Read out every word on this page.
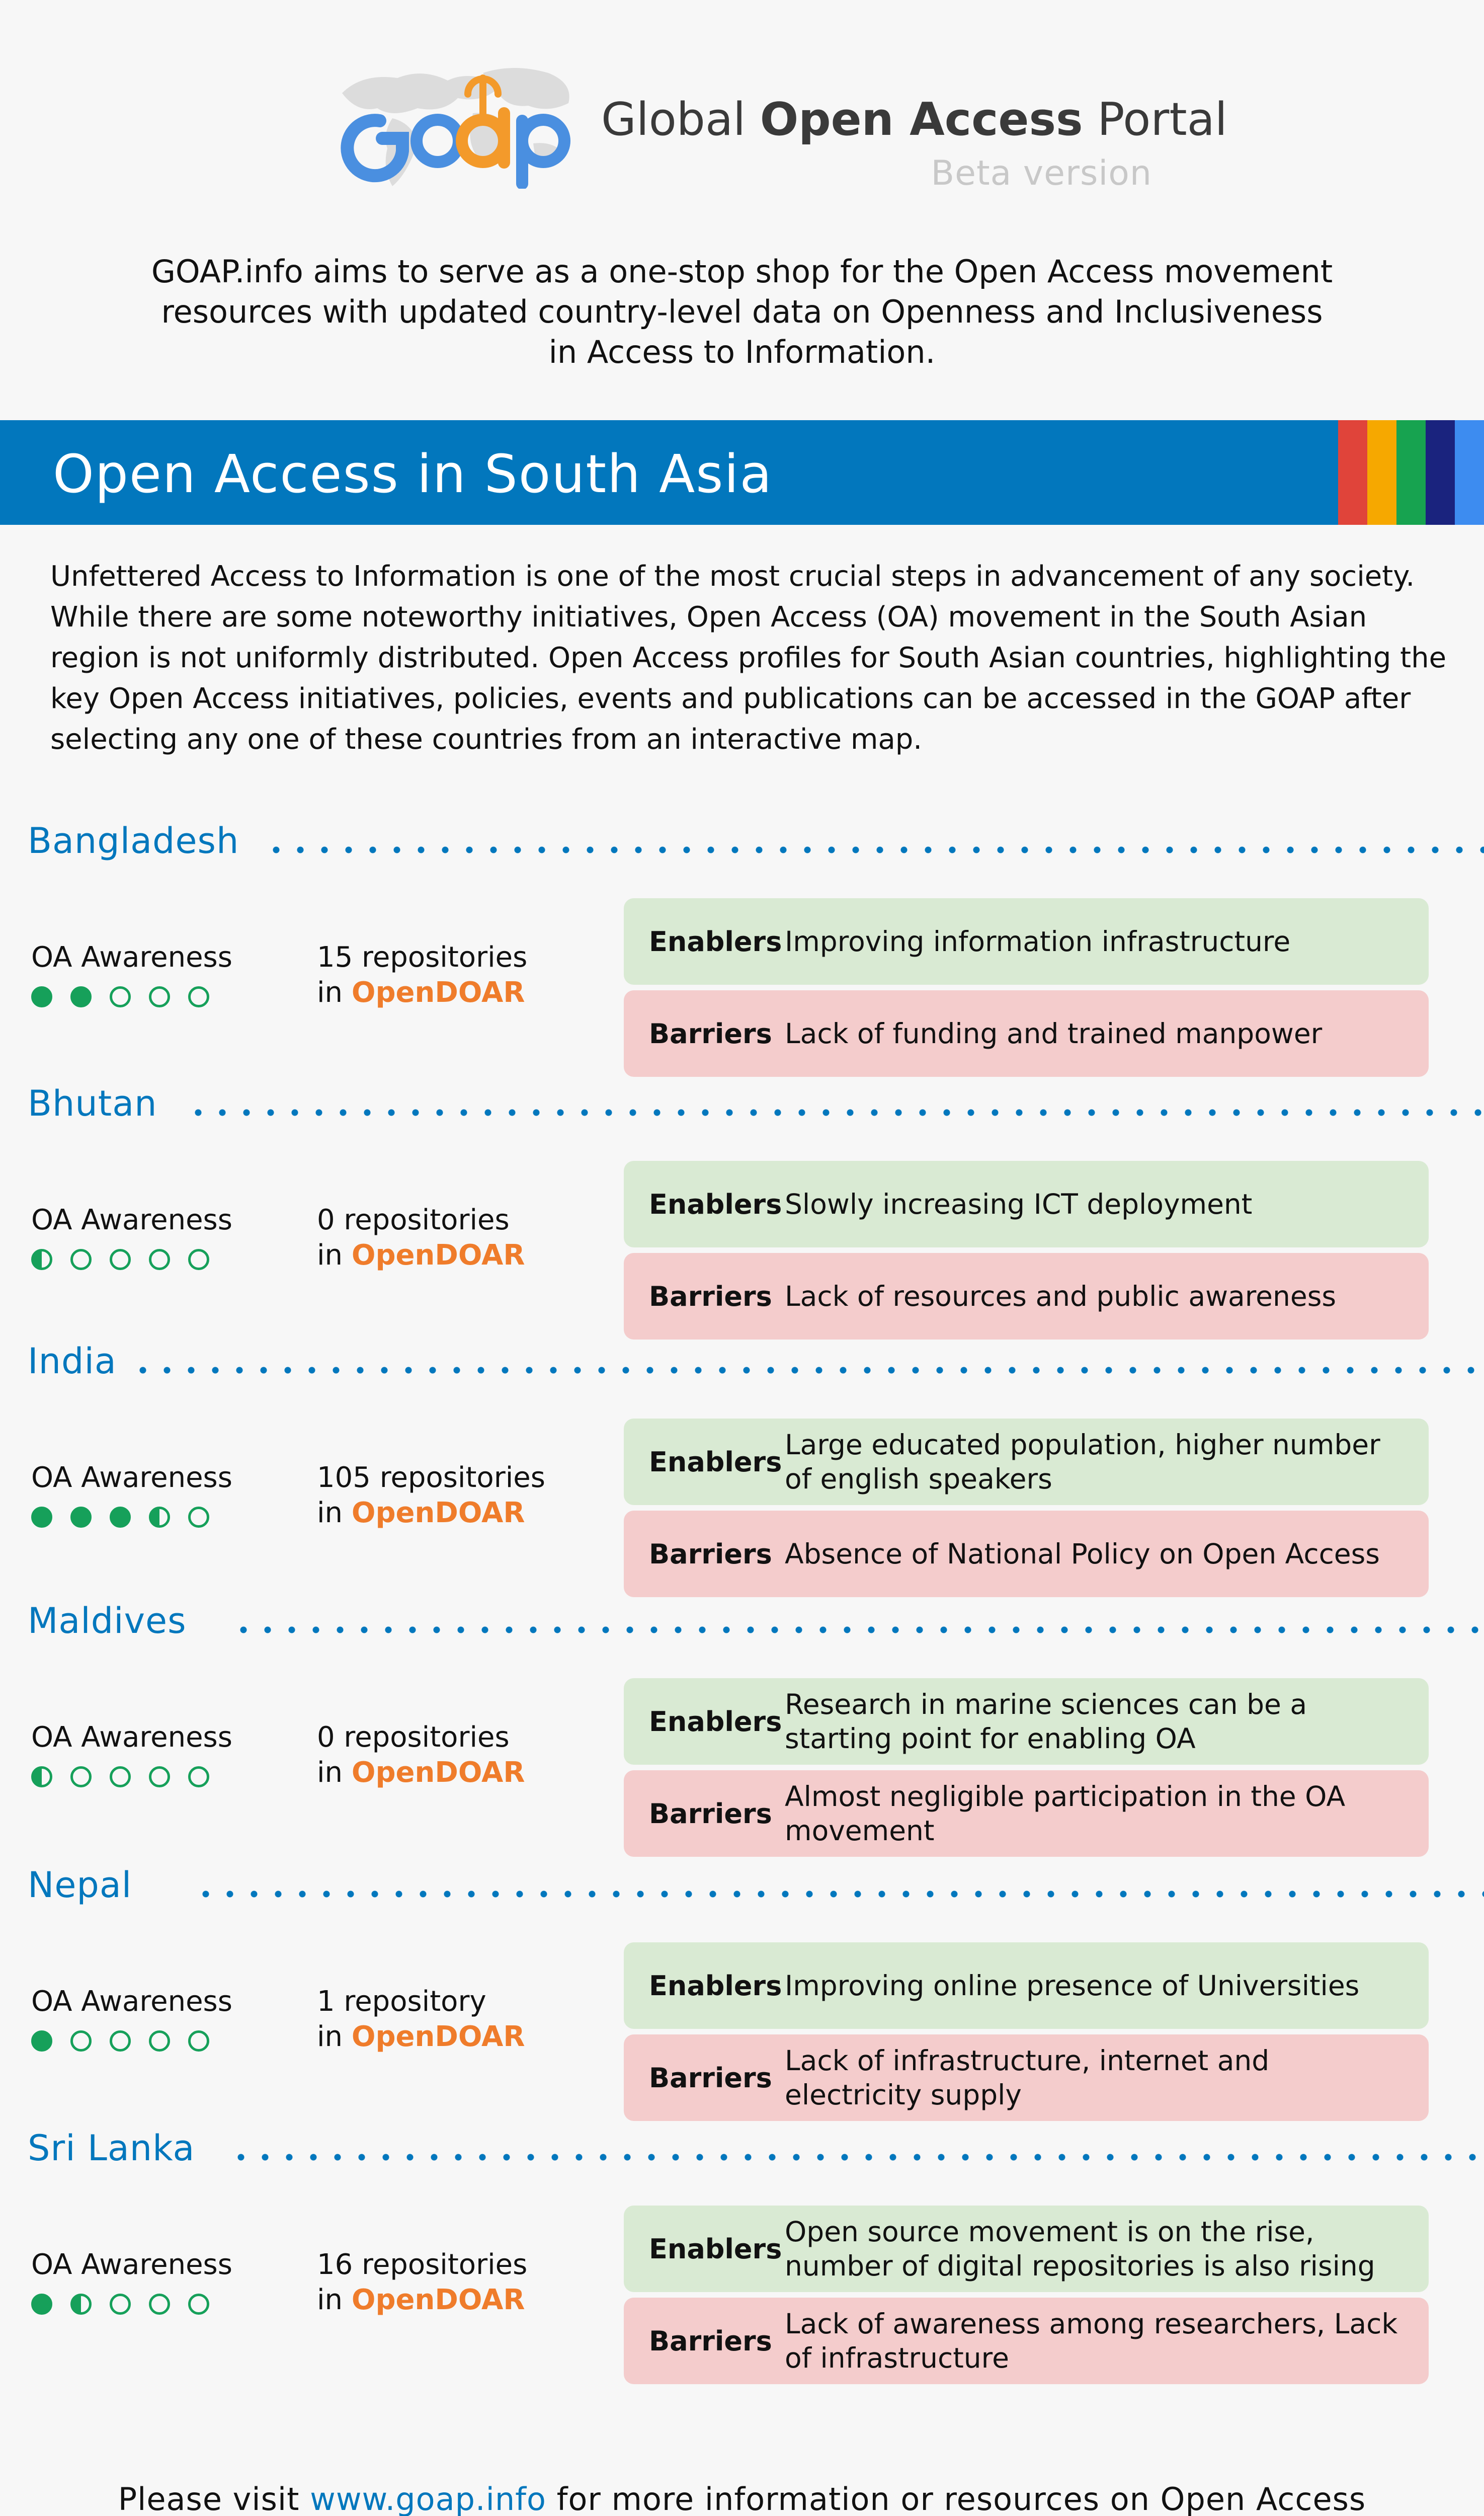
Global Open Access Portal
Beta version
GOAP.info aims to serve as a one-stop shop for the Open Access movement resources with updated country-level data on Openness and Inclusiveness in Access to Information.
Open Access in South Asia
Unfettered Access to Information is one of the most crucial steps in advancement of any society. While there are some noteworthy initiatives, Open Access (OA) movement in the South Asian region is not uniformly distributed. Open Access profiles for South Asian countries, highlighting the key Open Access initiatives, policies, events and publications can be accessed in the GOAP after selecting any one of these countries from an interactive map.
Bangladesh
OA Awareness	15 repositories
in OpenDOAR
Enablers Improving information infrastructure
Barriers Lack of funding and trained manpower
Bhutan
OA Awareness	0 repositories
in OpenDOAR
Enablers Slowly increasing ICT deployment
Barriers Lack of resources and public awareness
India
OA Awareness	105 repositories
in OpenDOAR
Enablers
Large educated population, higher number of english speakers
Barriers Absence of National Policy on Open Access
Maldives
OA Awareness	0 repositories
in OpenDOAR
Enablers
Research in marine sciences can be a starting point for enabling OA
Barriers
Almost negligible participation in the OA movement
Nepal
OA Awareness	1 repository
in OpenDOAR
Enablers Improving online presence of Universities
Barriers
Lack of infrastructure, internet and electricity supply
Sri Lanka
OA Awareness	16 repositories
in OpenDOAR
Enablers
Open source movement is on the rise, number of digital repositories is also rising
Barriers
Lack of awareness among researchers, Lack of infrastructure
Please visit www.goap.info for more information or resources on Open Access
